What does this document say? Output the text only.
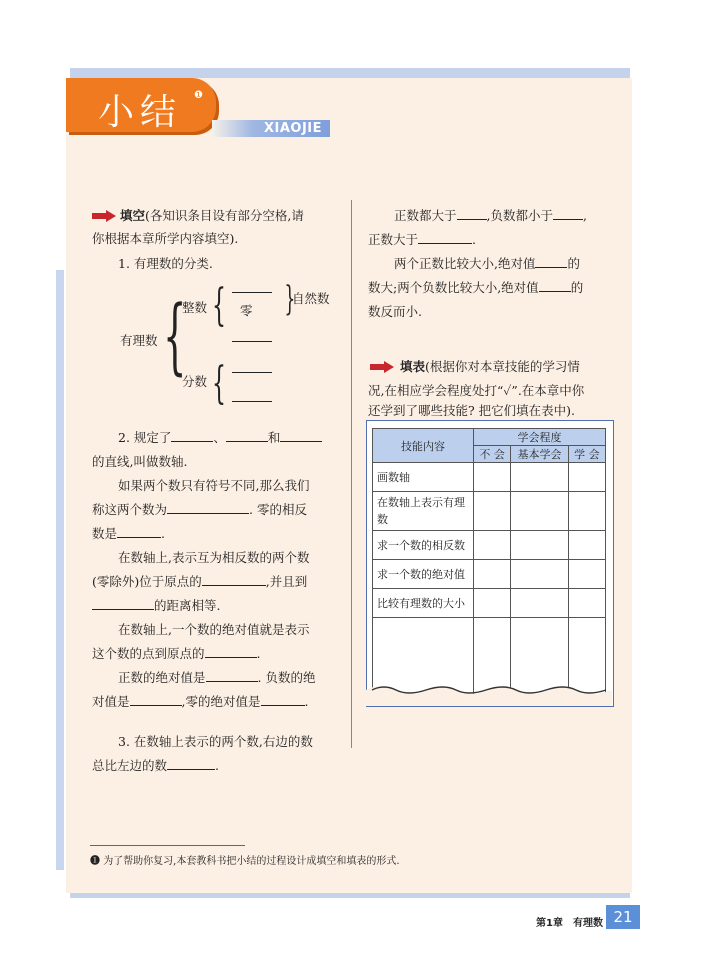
小结 ❶
XIAOJIE
填空(各知识条目设有部分空格,请
你根据本章所学内容填空).
1. 有理数的分类.
有理数 {
整数 { 零 {
自然数
分数 {
2. 规定了	、	和
的直线,叫做数轴.
如果两个数只有符号不同,那么我们
称这两个数为	. 零的相反
数是	.
在数轴上,表示互为相反数的两个数
(零除外)位于原点的	,并且到
的距离相等.
在数轴上,一个数的绝对值就是表示
这个数的点到原点的	.
正数的绝对值是	. 负数的绝
对值是	,零的绝对值是	.
3. 在数轴上表示的两个数,右边的数
总比左边的数	.
正数都大于 ,负数都小于 ,
正数大于	.
两个正数比较大小,绝对值	的
数大;两个负数比较大小,绝对值	的
数反而小.
填表(根据你对本章技能的学习情
况,在相应学会程度处打“✓”.在本章中你
还学到了哪些技能? 把它们填在表中).
技能内容	学会程度		
	不 会	基本学会	学 会
画数轴			
在数轴上表示有理数			
求一个数的相反数			
求一个数的绝对值			
比较有理数的大小			

❶ 为了帮助你复习,本套教科书把小结的过程设计成填空和填表的形式.
第1章　有理数 21
